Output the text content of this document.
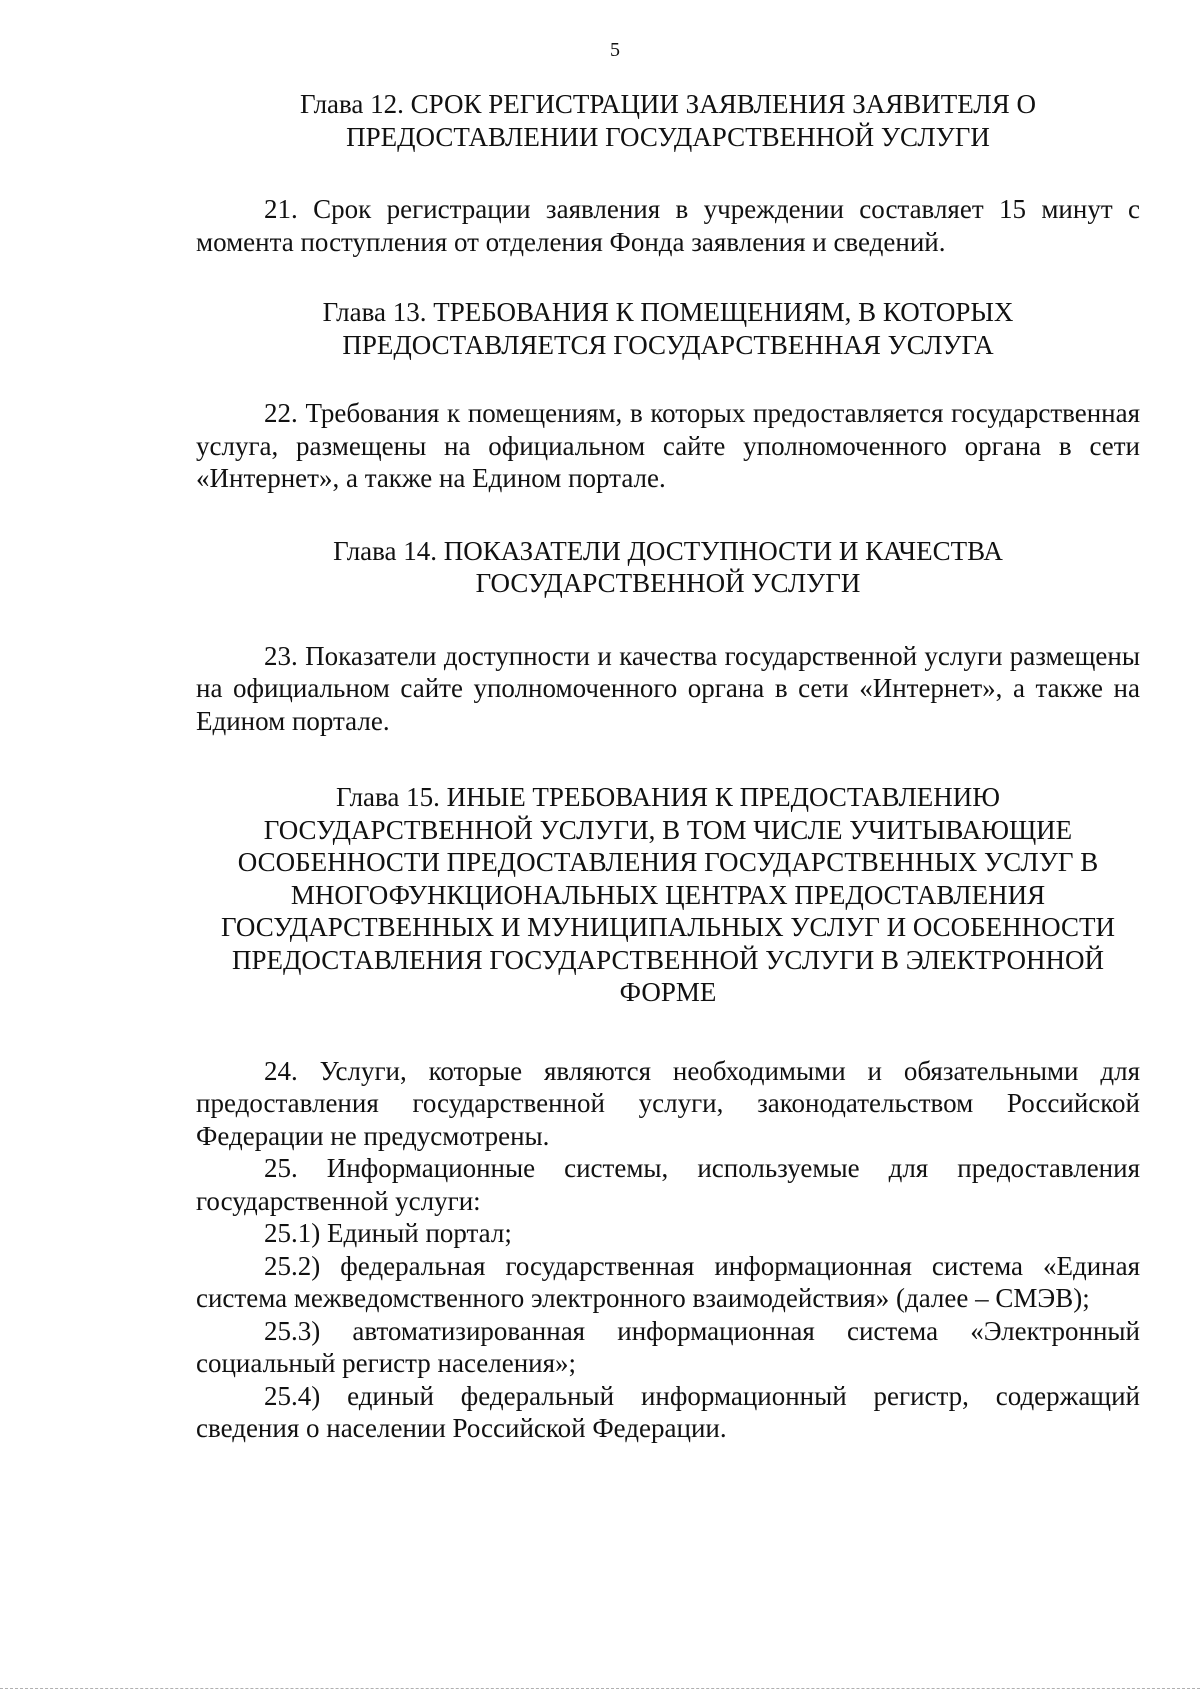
5
Глава 12. СРОК РЕГИСТРАЦИИ ЗАЯВЛЕНИЯ ЗАЯВИТЕЛЯ О
ПРЕДОСТАВЛЕНИИ ГОСУДАРСТВЕННОЙ УСЛУГИ

21. Срок регистрации заявления в учреждении составляет 15 минут с момента поступления от отделения Фонда заявления и сведений.

Глава 13. ТРЕБОВАНИЯ К ПОМЕЩЕНИЯМ, В КОТОРЫХ
ПРЕДОСТАВЛЯЕТСЯ ГОСУДАРСТВЕННАЯ УСЛУГА

22. Требования к помещениям, в которых предоставляется государственная услуга, размещены на официальном сайте уполномоченного органа в сети «Интернет», а также на Едином портале.

Глава 14. ПОКАЗАТЕЛИ ДОСТУПНОСТИ И КАЧЕСТВА
ГОСУДАРСТВЕННОЙ УСЛУГИ

23. Показатели доступности и качества государственной услуги размещены на официальном сайте уполномоченного органа в сети «Интернет», а также на Едином портале.

Глава 15. ИНЫЕ ТРЕБОВАНИЯ К ПРЕДОСТАВЛЕНИЮ
ГОСУДАРСТВЕННОЙ УСЛУГИ, В ТОМ ЧИСЛЕ УЧИТЫВАЮЩИЕ
ОСОБЕННОСТИ ПРЕДОСТАВЛЕНИЯ ГОСУДАРСТВЕННЫХ УСЛУГ В
МНОГОФУНКЦИОНАЛЬНЫХ ЦЕНТРАХ ПРЕДОСТАВЛЕНИЯ
ГОСУДАРСТВЕННЫХ И МУНИЦИПАЛЬНЫХ УСЛУГ И ОСОБЕННОСТИ
ПРЕДОСТАВЛЕНИЯ ГОСУДАРСТВЕННОЙ УСЛУГИ В ЭЛЕКТРОННОЙ
ФОРМЕ

24. Услуги, которые являются необходимыми и обязательными для предоставления государственной услуги, законодательством Российской Федерации не предусмотрены.

25. Информационные системы, используемые для предоставления государственной услуги:

25.1) Единый портал;

25.2) федеральная государственная информационная система «Единая система межведомственного электронного взаимодействия» (далее – СМЭВ);

25.3) автоматизированная информационная система «Электронный социальный регистр населения»;

25.4) единый федеральный информационный регистр, содержащий сведения о населении Российской Федерации.
